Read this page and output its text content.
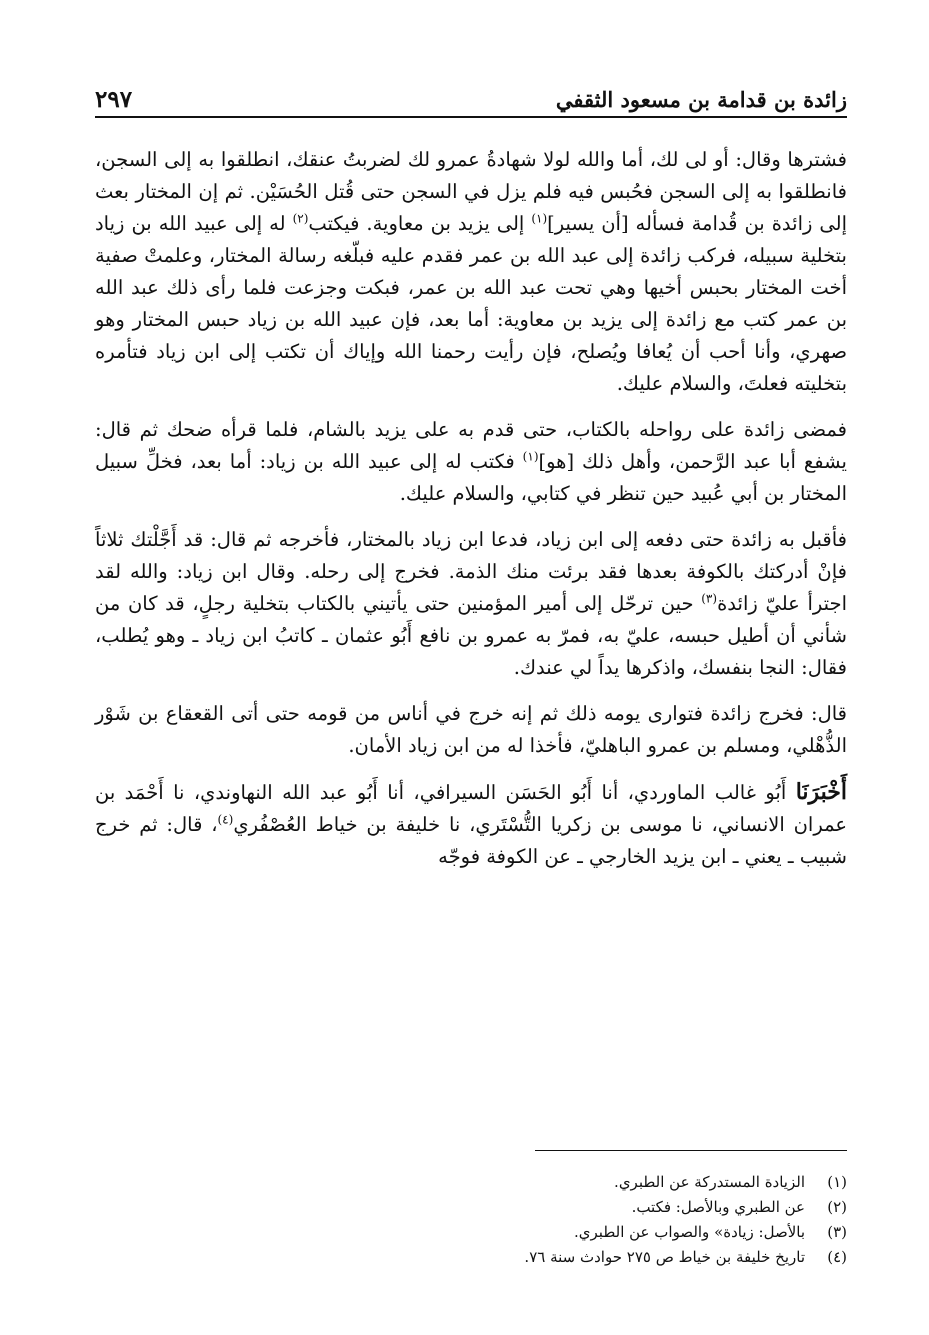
زائدة بن قدامة بن مسعود الثقفي
٢٩٧

فشترها وقال: أو لى لك، أما والله لولا شهادةُ عمرو لك لضربتُ عنقك، انطلقوا به إلى السجن، فانطلقوا به إلى السجن فحُبس فيه فلم يزل في السجن حتى قُتل الحُسَيْن. ثم إن المختار بعث إلى زائدة بن قُدامة فسأله [أن يسير]$^{(١)}$ إلى يزيد بن معاوية. فيكتب$^{(٢)}$ له إلى عبيد الله بن زياد بتخلية سبيله، فركب زائدة إلى عبد الله بن عمر فقدم عليه فبلّغه رسالة المختار، وعلمتْ صفية أخت المختار بحبس أخيها وهي تحت عبد الله بن عمر، فبكت وجزعت فلما رأى ذلك عبد الله بن عمر كتب مع زائدة إلى يزيد بن معاوية: أما بعد، فإن عبيد الله بن زياد حبس المختار وهو صهري، وأنا أحب أن يُعافا ويُصلح، فإن رأيت رحمنا الله وإياك أن تكتب إلى ابن زياد فتأمره بتخليته فعلتَ، والسلام عليك.

فمضى زائدة على رواحله بالكتاب، حتى قدم به على يزيد بالشام، فلما قرأه ضحك ثم قال: يشفع أبا عبد الرَّحمن، وأهل ذلك [هو]$^{(١)}$ فكتب له إلى عبيد الله بن زياد: أما بعد، فخلِّ سبيل المختار بن أبي عُبيد حين تنظر في كتابي، والسلام عليك.

فأقبل به زائدة حتى دفعه إلى ابن زياد، فدعا ابن زياد بالمختار، فأخرجه ثم قال: قد أَجَّلْتك ثلاثاً فإنْ أدركتك بالكوفة بعدها فقد برئت منك الذمة. فخرج إلى رحله. وقال ابن زياد: والله لقد اجترأ عليّ زائدة$^{(٣)}$ حين ترحّل إلى أمير المؤمنين حتى يأتيني بالكتاب بتخلية رجلٍ، قد كان من شأني أن أطيل حبسه، عليّ به، فمرّ به عمرو بن نافع أَبُو عثمان ـ كاتبُ ابن زياد ـ وهو يُطلب، فقال: النجا بنفسك، واذكرها يداً لي عندك.

قال: فخرج زائدة فتوارى يومه ذلك ثم إنه خرج في أناس من قومه حتى أتى القعقاع بن شَوْر الذُّهْلي، ومسلم بن عمرو الباهليّ، فأخذا له من ابن زياد الأمان.

أَخْبَرَنَا أَبُو غالب الماوردي، أنا أَبُو الحَسَن السيرافي، أنا أَبُو عبد الله النهاوندي، نا أَحْمَد بن عمران الانساني، نا موسى بن زكريا التُّسْتَري، نا خليفة بن خياط العُصْفُري$^{(٤)}$، قال: ثم خرج شبيب ـ يعني ـ ابن يزيد الخارجي ـ عن الكوفة فوجّه

(١)
الزيادة المستدركة عن الطبري.
(٢)
عن الطبري وبالأصل: فكتب.
(٣)
بالأصل: زيادة» والصواب عن الطبري.
(٤)
تاريخ خليفة بن خياط ص ٢٧٥ حوادث سنة ٧٦.
